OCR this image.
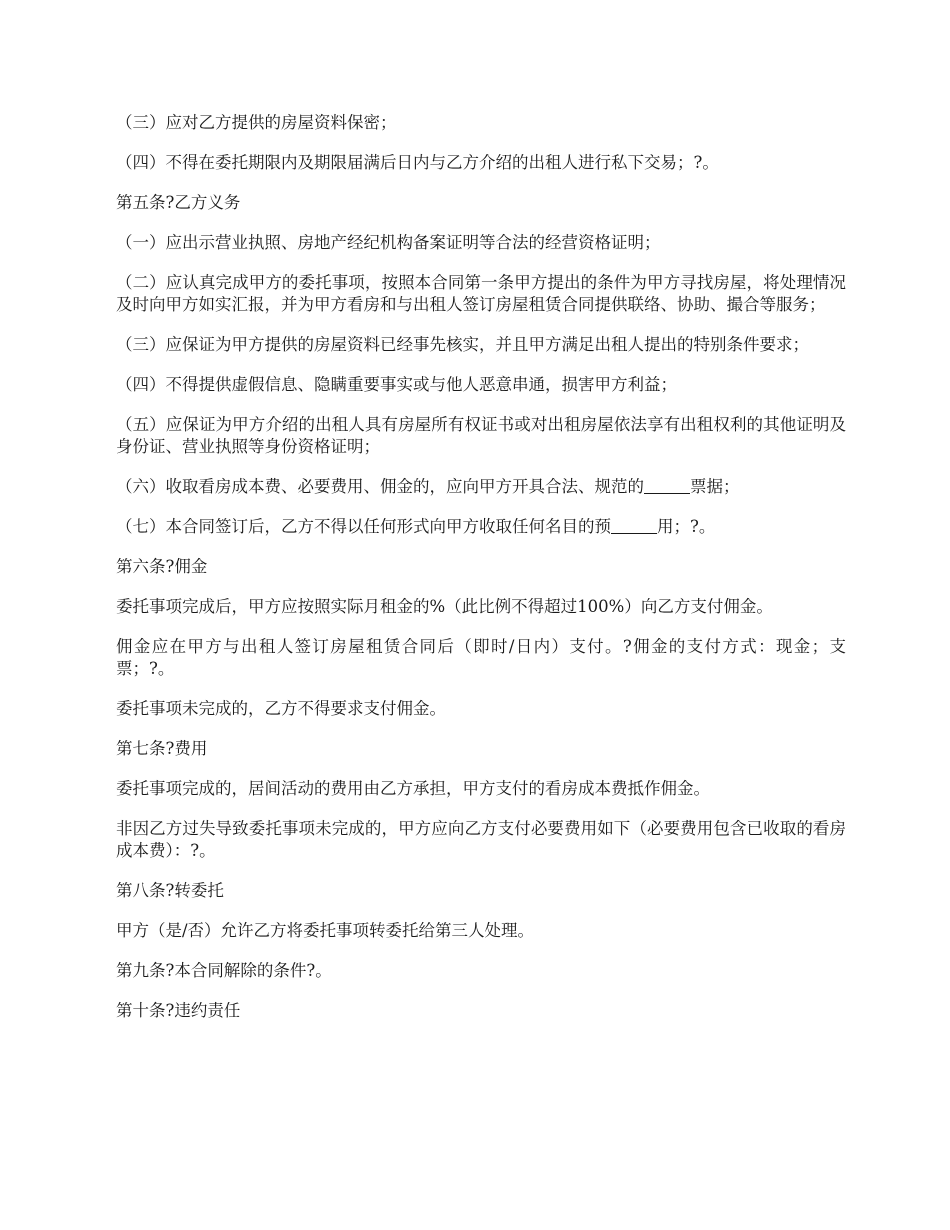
（三）应对乙方提供的房屋资料保密；

（四）不得在委托期限内及期限届满后日内与乙方介绍的出租人进行私下交易；?。

第五条?乙方义务

（一）应出示营业执照、房地产经纪机构备案证明等合法的经营资格证明；

（二）应认真完成甲方的委托事项，按照本合同第一条甲方提出的条件为甲方寻找房屋，将处理情况及时向甲方如实汇报，并为甲方看房和与出租人签订房屋租赁合同提供联络、协助、撮合等服务；

（三）应保证为甲方提供的房屋资料已经事先核实，并且甲方满足出租人提出的特别条件要求；

（四）不得提供虚假信息、隐瞒重要事实或与他人恶意串通，损害甲方利益；

（五）应保证为甲方介绍的出租人具有房屋所有权证书或对出租房屋依法享有出租权利的其他证明及身份证、营业执照等身份资格证明；

（六）收取看房成本费、必要费用、佣金的，应向甲方开具合法、规范的	票据；

（七）本合同签订后，乙方不得以任何形式向甲方收取任何名目的预	用；?。

第六条?佣金

委托事项完成后，甲方应按照实际月租金的%（此比例不得超过100%）向乙方支付佣金。

佣金应在甲方与出租人签订房屋租赁合同后（即时/日内）支付。?佣金的支付方式：现金；支票；?。

委托事项未完成的，乙方不得要求支付佣金。

第七条?费用

委托事项完成的，居间活动的费用由乙方承担，甲方支付的看房成本费抵作佣金。

非因乙方过失导致委托事项未完成的，甲方应向乙方支付必要费用如下（必要费用包含已收取的看房成本费）：?。

第八条?转委托

甲方（是/否）允许乙方将委托事项转委托给第三人处理。

第九条?本合同解除的条件?。

第十条?违约责任
